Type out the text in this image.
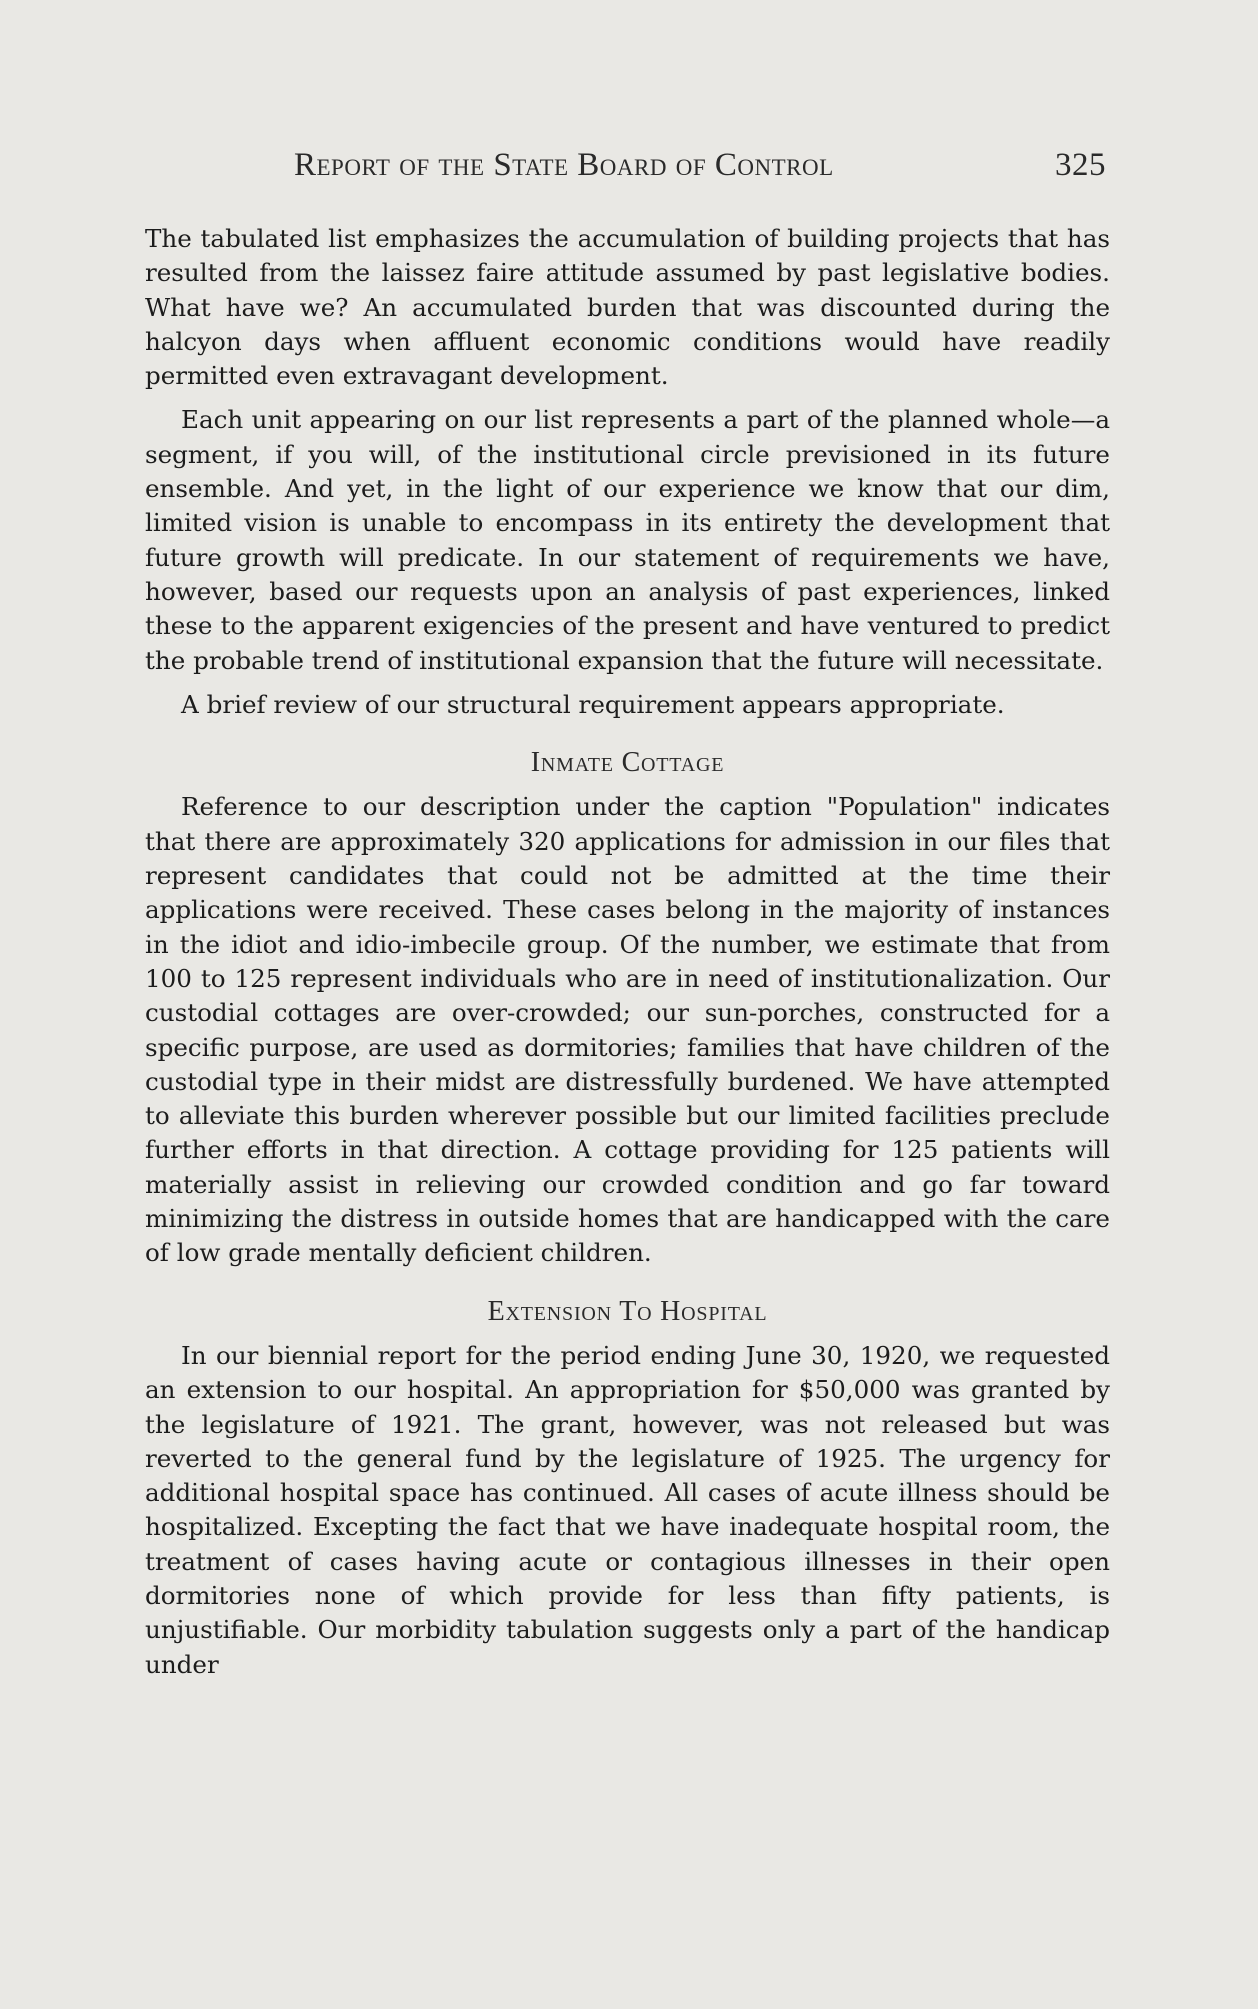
Report of the State Board of Control	325

The tabulated list emphasizes the accumulation of building projects that has resulted from the laissez faire attitude assumed by past legislative bodies. What have we? An accumulated burden that was discounted during the halcyon days when affluent economic conditions would have readily permitted even extravagant development.

Each unit appearing on our list represents a part of the planned whole—a segment, if you will, of the institutional circle previsioned in its future ensemble. And yet, in the light of our experience we know that our dim, limited vision is unable to encompass in its entirety the development that future growth will predicate. In our statement of requirements we have, however, based our requests upon an analysis of past experiences, linked these to the apparent exigencies of the present and have ventured to predict the probable trend of institutional expansion that the future will necessitate.

A brief review of our structural requirement appears appropriate.

Inmate Cottage

Reference to our description under the caption "Population" indicates that there are approximately 320 applications for admission in our files that represent candidates that could not be admitted at the time their applications were received. These cases belong in the majority of instances in the idiot and idio-imbecile group. Of the number, we estimate that from 100 to 125 represent individuals who are in need of institutionalization. Our custodial cottages are over-crowded; our sun-porches, constructed for a specific purpose, are used as dormitories; families that have children of the custodial type in their midst are distressfully burdened. We have attempted to alleviate this burden wherever possible but our limited facilities preclude further efforts in that direction. A cottage providing for 125 patients will materially assist in relieving our crowded condition and go far toward minimizing the distress in outside homes that are handicapped with the care of low grade mentally deficient children.

Extension To Hospital

In our biennial report for the period ending June 30, 1920, we requested an extension to our hospital. An appropriation for $50,000 was granted by the legislature of 1921. The grant, however, was not released but was reverted to the general fund by the legislature of 1925. The urgency for additional hospital space has continued. All cases of acute illness should be hospitalized. Excepting the fact that we have inadequate hospital room, the treatment of cases having acute or contagious illnesses in their open dormitories none of which provide for less than fifty patients, is unjustifiable. Our morbidity tabulation suggests only a part of the handicap under
